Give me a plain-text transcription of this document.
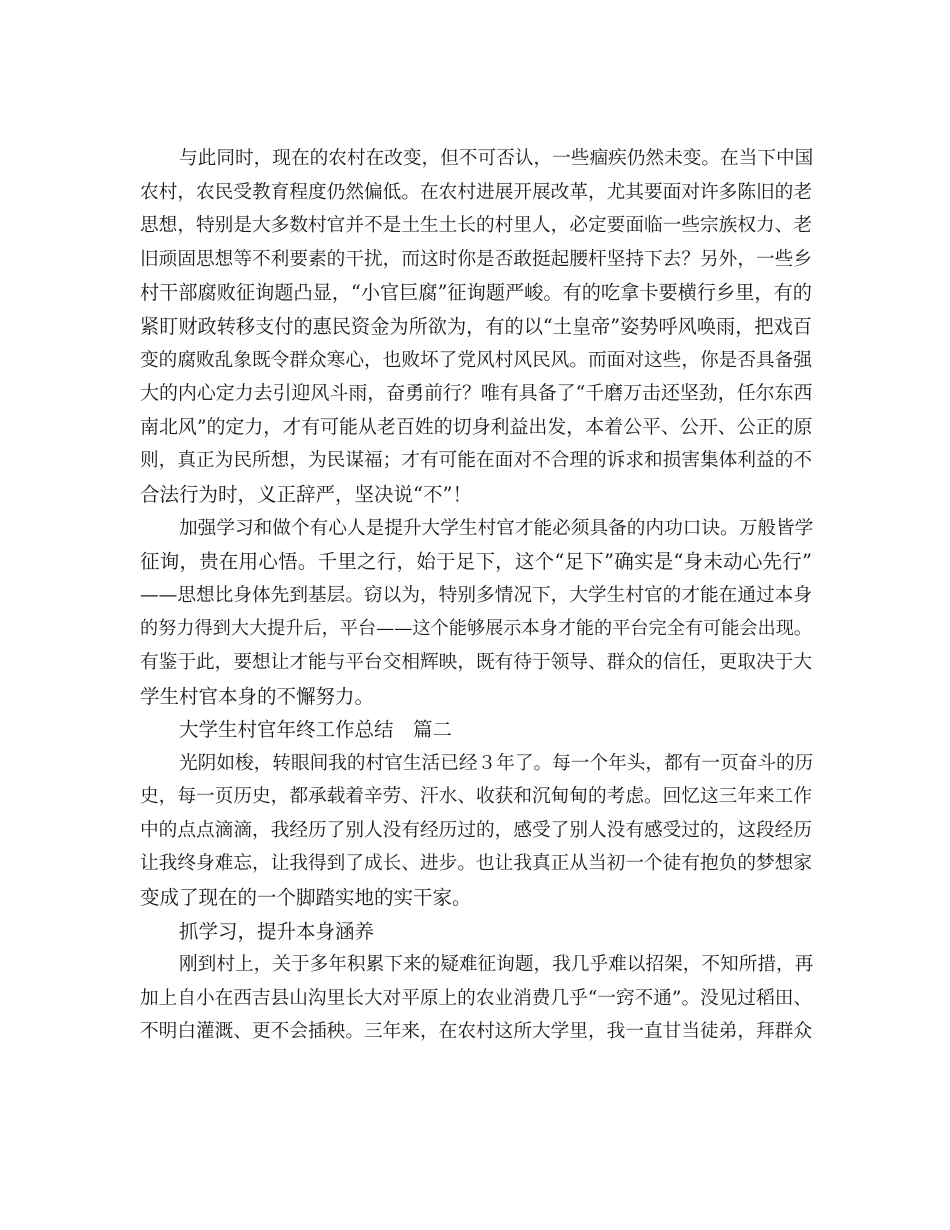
与此同时，现在的农村在改变，但不可否认，一些痼疾仍然未变。在当下中国
农村，农民受教育程度仍然偏低。在农村进展开展改革，尤其要面对许多陈旧的老
思想，特别是大多数村官并不是土生土长的村里人，必定要面临一些宗族权力、老
旧顽固思想等不利要素的干扰，而这时你是否敢挺起腰杆坚持下去？另外，一些乡
村干部腐败征询题凸显，“小官巨腐”征询题严峻。有的吃拿卡要横行乡里，有的
紧盯财政转移支付的惠民资金为所欲为，有的以“土皇帝”姿势呼风唤雨，把戏百
变的腐败乱象既令群众寒心，也败坏了党风村风民风。而面对这些，你是否具备强
大的内心定力去引迎风斗雨，奋勇前行？唯有具备了“千磨万击还坚劲，任尔东西
南北风”的定力，才有可能从老百姓的切身利益出发，本着公平、公开、公正的原
则，真正为民所想，为民谋福；才有可能在面对不合理的诉求和损害集体利益的不
合法行为时，义正辞严，坚决说“不”！
加强学习和做个有心人是提升大学生村官才能必须具备的内功口诀。万般皆学
征询，贵在用心悟。千里之行，始于足下，这个“足下”确实是“身未动心先行”
——思想比身体先到基层。窃以为，特别多情况下，大学生村官的才能在通过本身
的努力得到大大提升后，平台——这个能够展示本身才能的平台完全有可能会出现。
有鉴于此，要想让才能与平台交相辉映，既有待于领导、群众的信任，更取决于大
学生村官本身的不懈努力。
大学生村官年终工作总结　篇二
光阴如梭，转眼间我的村官生活已经３年了。每一个年头，都有一页奋斗的历
史，每一页历史，都承载着辛劳、汗水、收获和沉甸甸的考虑。回忆这三年来工作
中的点点滴滴，我经历了别人没有经历过的，感受了别人没有感受过的，这段经历
让我终身难忘，让我得到了成长、进步。也让我真正从当初一个徒有抱负的梦想家
变成了现在的一个脚踏实地的实干家。
抓学习，提升本身涵养
刚到村上，关于多年积累下来的疑难征询题，我几乎难以招架，不知所措，再
加上自小在西吉县山沟里长大对平原上的农业消费几乎“一窍不通”。没见过稻田、
不明白灌溉、更不会插秧。三年来，在农村这所大学里，我一直甘当徒弟，拜群众
